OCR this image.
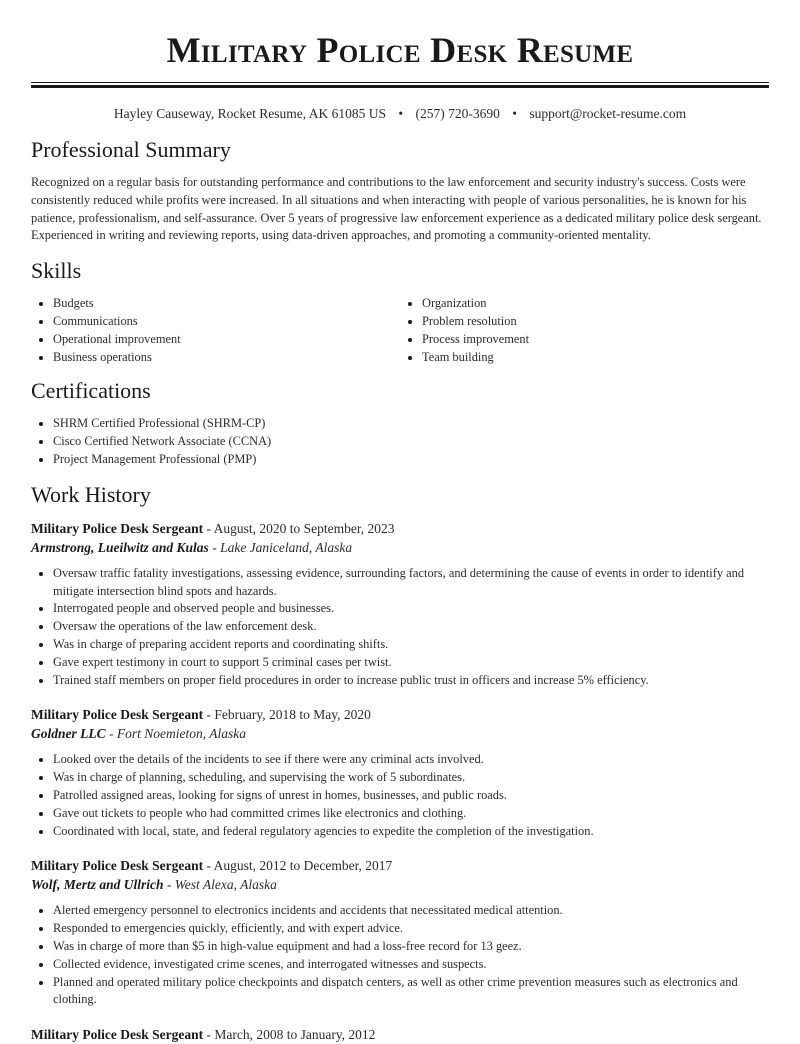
Military Police Desk Resume
Hayley Causeway, Rocket Resume, AK 61085 US • (257) 720-3690 • support@rocket-resume.com
Professional Summary

Recognized on a regular basis for outstanding performance and contributions to the law enforcement and security industry's success. Costs were consistently reduced while profits were increased. In all situations and when interacting with people of various personalities, he is known for his patience, professionalism, and self-assurance. Over 5 years of progressive law enforcement experience as a dedicated military police desk sergeant. Experienced in writing and reviewing reports, using data-driven approaches, and promoting a community-oriented mentality.

Skills
Budgets
Communications
Operational improvement
Business operations
Organization
Problem resolution
Process improvement
Team building
Certifications
SHRM Certified Professional (SHRM-CP)
Cisco Certified Network Associate (CCNA)
Project Management Professional (PMP)
Work History
Military Police Desk Sergeant - August, 2020 to September, 2023
Armstrong, Lueilwitz and Kulas - Lake Janiceland, Alaska
Oversaw traffic fatality investigations, assessing evidence, surrounding factors, and determining the cause of events in order to identify and mitigate intersection blind spots and hazards.
Interrogated people and observed people and businesses.
Oversaw the operations of the law enforcement desk.
Was in charge of preparing accident reports and coordinating shifts.
Gave expert testimony in court to support 5 criminal cases per twist.
Trained staff members on proper field procedures in order to increase public trust in officers and increase 5% efficiency.
Military Police Desk Sergeant - February, 2018 to May, 2020
Goldner LLC - Fort Noemieton, Alaska
Looked over the details of the incidents to see if there were any criminal acts involved.
Was in charge of planning, scheduling, and supervising the work of 5 subordinates.
Patrolled assigned areas, looking for signs of unrest in homes, businesses, and public roads.
Gave out tickets to people who had committed crimes like electronics and clothing.
Coordinated with local, state, and federal regulatory agencies to expedite the completion of the investigation.
Military Police Desk Sergeant - August, 2012 to December, 2017
Wolf, Mertz and Ullrich - West Alexa, Alaska
Alerted emergency personnel to electronics incidents and accidents that necessitated medical attention.
Responded to emergencies quickly, efficiently, and with expert advice.
Was in charge of more than $5 in high-value equipment and had a loss-free record for 13 geez.
Collected evidence, investigated crime scenes, and interrogated witnesses and suspects.
Planned and operated military police checkpoints and dispatch centers, as well as other crime prevention measures such as electronics and clothing.
Military Police Desk Sergeant - March, 2008 to January, 2012
